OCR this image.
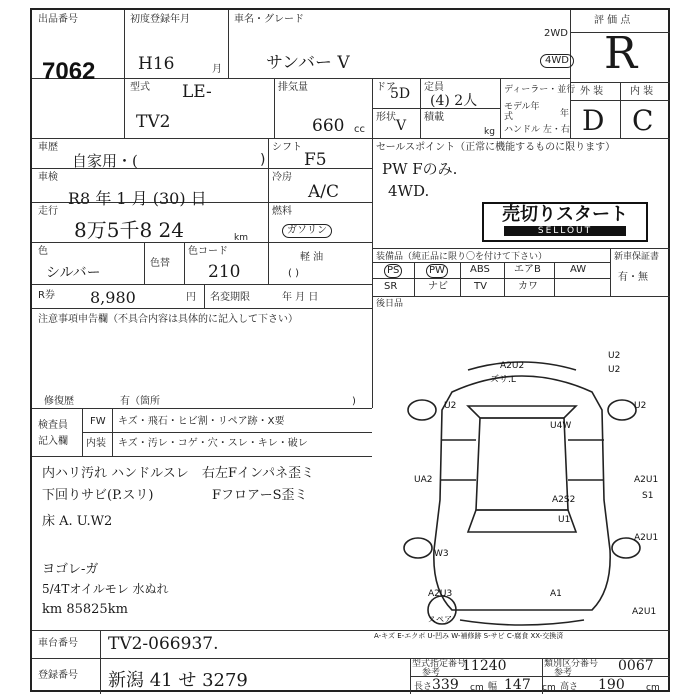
出品番号
7062
初度登録年月
H16	月
車名・グレード
サンバー V
2WD
4WD
評 価 点
R
外 装	内 装
D C
型式 LE-
TV2
排気量
660 cc
ドア
5D 定員
(4) 2人
形状
V
積載
kg
ディーラー・並行
モデル年式	年
ハンドル 左・右
車歴
自家用・(	)
シフト
F5
車検
R8 年 1 月 (30) 日
冷房
A/C
走行
8万5千8 24	km
燃料
ガソリン
軽 油
( )
色
シルバー
色替
色コード
210
R券 8,980	円 名変期限	年 月 日
注意事項申告欄（不具合内容は具体的に記入して下さい）
修復歴	有（箇所	)
検査員
記入欄
FW キズ・飛石・ヒビ割・リペア跡・X要
内装 キズ・汚レ・コゲ・穴・スレ・キレ・破レ
内ハリ汚れ ハンドルスレ
下回りサビ(P.スリ)
床 A. U.W2
ヨゴレ-ガ
5/4Tオイルモレ 水ぬれ
km 85825km
右左Fインパネ歪ミ
FフロアーS歪ミ
セールスポイント（正常に機能するものに限ります）
PW Fのみ.
4WD.
売切りスタート
SELLOUT
装備品（純正品に限り〇を付けて下さい）	新車保証書
有・無
PS	PW	ABS エアB	AW
SR	ナビ	TV	カワ
後日品
スペア
A2U2
U2
ズリ.L
U2	U2
U2
U4W
UA2	A2U1
S1
A2S2
U1
A2U1
W3
A2U3	A1
A2U1
A-キズ E-エクボ U-凹み W-補修跡 S-サビ C-腐食 XX-交換済
車台番号 TV2-066937.
登録番号 新潟 41 せ 3279
型式指定番号
参考 11240	類別区分番号
参考	0067
長さ 339 cm 幅 147 cm 高さ 190 cm
